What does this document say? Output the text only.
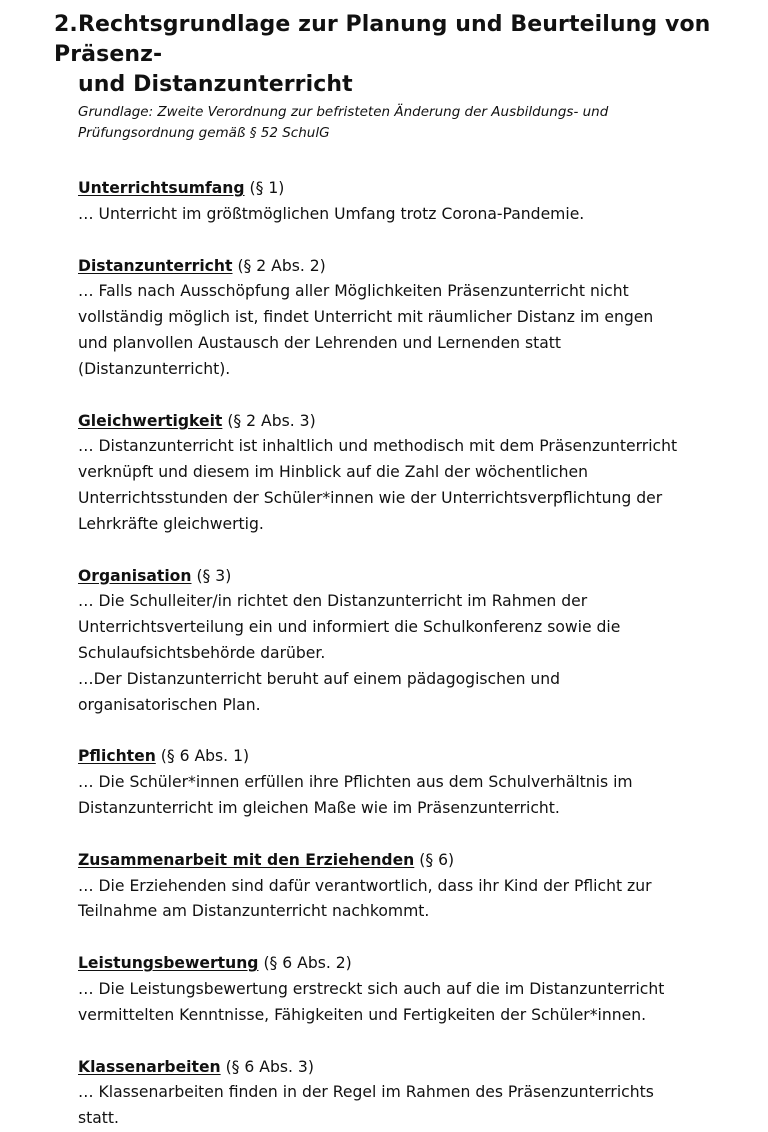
2.Rechtsgrundlage zur Planung und Beurteilung von Präsenz-
und Distanzunterricht
Grundlage: Zweite Verordnung zur befristeten Änderung der Ausbildungs- und
Prüfungsordnung gemäß § 52 SchulG
Unterrichtsumfang (§ 1)
… Unterricht im größtmöglichen Umfang trotz Corona-Pandemie.
Distanzunterricht (§ 2 Abs. 2)
… Falls nach Ausschöpfung aller Möglichkeiten Präsenzunterricht nicht
vollständig möglich ist, findet Unterricht mit räumlicher Distanz im engen
und planvollen Austausch der Lehrenden und Lernenden statt
(Distanzunterricht).
Gleichwertigkeit (§ 2 Abs. 3)
… Distanzunterricht ist inhaltlich und methodisch mit dem Präsenzunterricht
verknüpft und diesem im Hinblick auf die Zahl der wöchentlichen
Unterrichtsstunden der Schüler*innen wie der Unterrichtsverpflichtung der
Lehrkräfte gleichwertig.
Organisation (§ 3)
… Die Schulleiter/in richtet den Distanzunterricht im Rahmen der
Unterrichtsverteilung ein und informiert die Schulkonferenz sowie die
Schulaufsichtsbehörde darüber.
…Der Distanzunterricht beruht auf einem pädagogischen und
organisatorischen Plan.
Pflichten (§ 6 Abs. 1)
… Die Schüler*innen erfüllen ihre Pflichten aus dem Schulverhältnis im
Distanzunterricht im gleichen Maße wie im Präsenzunterricht.
Zusammenarbeit mit den Erziehenden (§ 6)
… Die Erziehenden sind dafür verantwortlich, dass ihr Kind der Pflicht zur
Teilnahme am Distanzunterricht nachkommt.
Leistungsbewertung (§ 6 Abs. 2)
… Die Leistungsbewertung erstreckt sich auch auf die im Distanzunterricht
vermittelten Kenntnisse, Fähigkeiten und Fertigkeiten der Schüler*innen.
Klassenarbeiten (§ 6 Abs. 3)
… Klassenarbeiten finden in der Regel im Rahmen des Präsenzunterrichts
statt.
